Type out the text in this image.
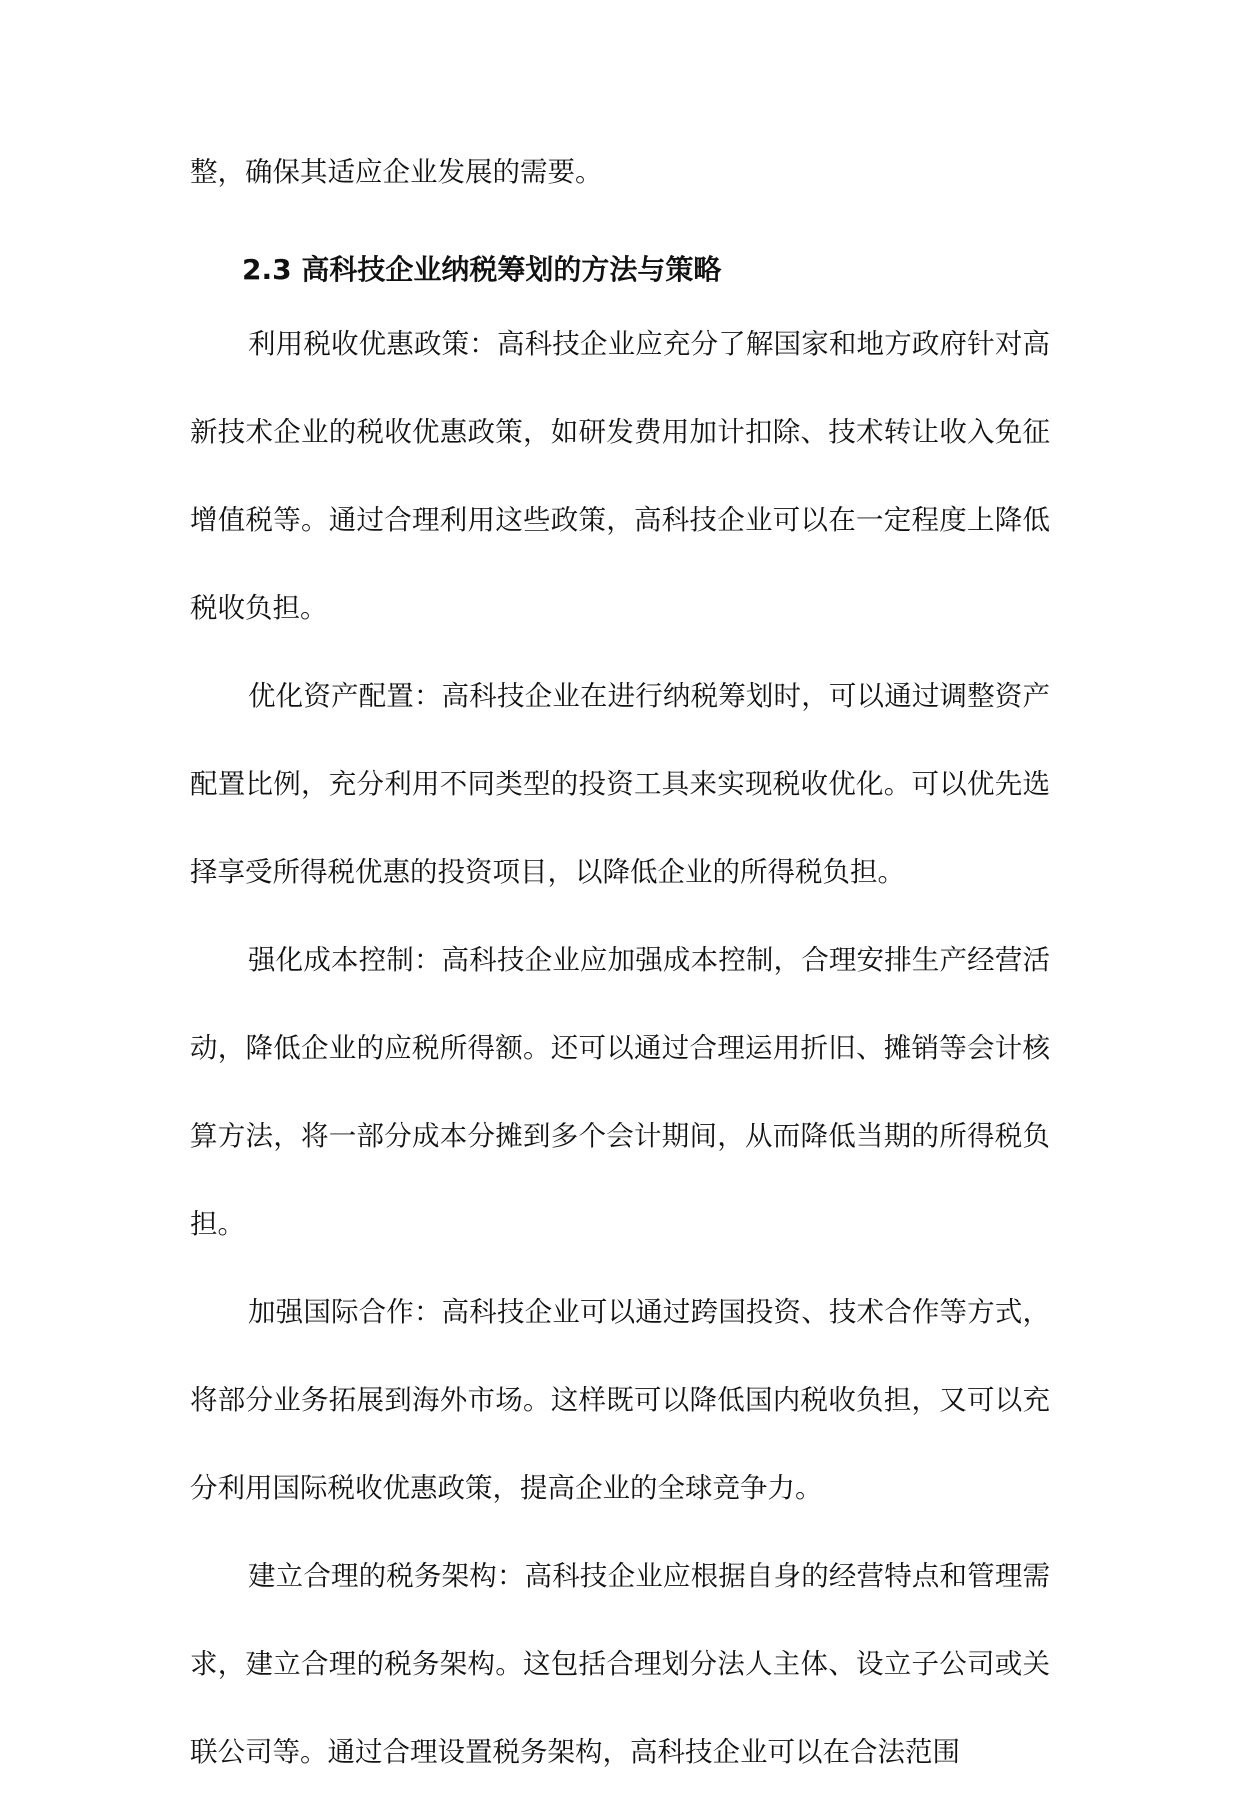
整，确保其适应企业发展的需要。
2.3 高科技企业纳税筹划的方法与策略

利用税收优惠政策：高科技企业应充分了解国家和地方政府针对高新技术企业的税收优惠政策，如研发费用加计扣除、技术转让收入免征增值税等。通过合理利用这些政策，高科技企业可以在一定程度上降低税收负担。

优化资产配置：高科技企业在进行纳税筹划时，可以通过调整资产配置比例，充分利用不同类型的投资工具来实现税收优化。可以优先选择享受所得税优惠的投资项目，以降低企业的所得税负担。

强化成本控制：高科技企业应加强成本控制，合理安排生产经营活动，降低企业的应税所得额。还可以通过合理运用折旧、摊销等会计核算方法，将一部分成本分摊到多个会计期间，从而降低当期的所得税负担。

加强国际合作：高科技企业可以通过跨国投资、技术合作等方式，将部分业务拓展到海外市场。这样既可以降低国内税收负担，又可以充分利用国际税收优惠政策，提高企业的全球竞争力。

建立合理的税务架构：高科技企业应根据自身的经营特点和管理需求，建立合理的税务架构。这包括合理划分法人主体、设立子公司或关联公司等。通过合理设置税务架构，高科技企业可以在合法范围
